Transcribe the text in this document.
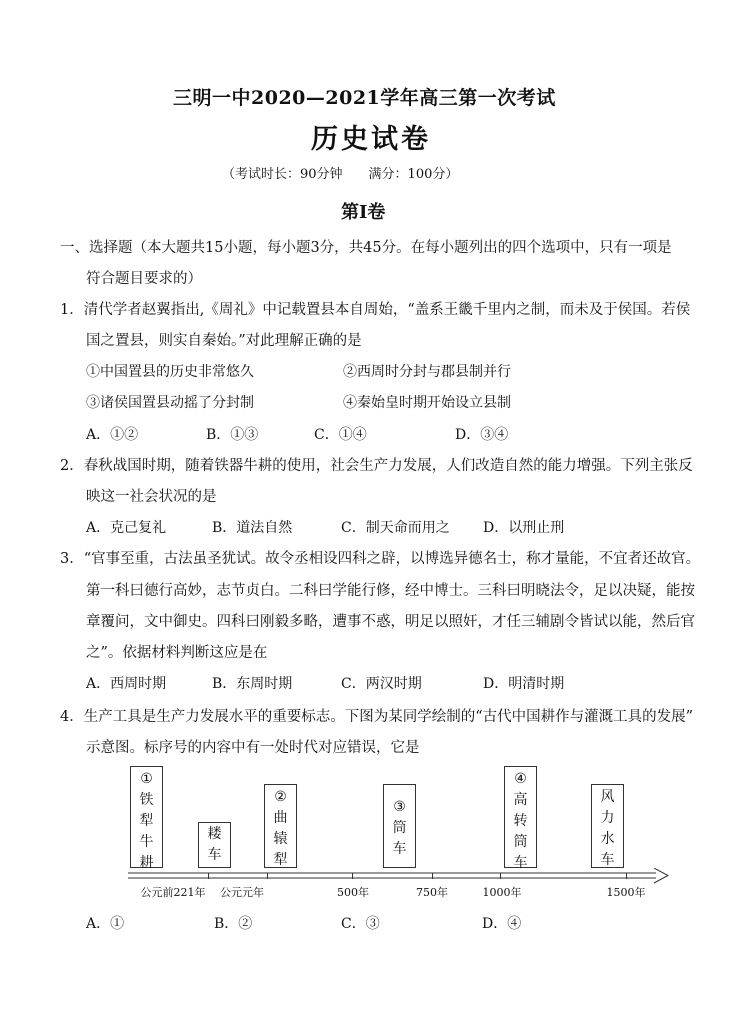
三明一中2020—2021学年高三第一次考试
历史试卷
（考试时长：90分钟　　满分：100分）
第Ⅰ卷
一、选择题（本大题共15小题，每小题3分，共45分。在每小题列出的四个选项中，只有一项是
符合题目要求的）
1．清代学者赵翼指出,《周礼》中记载置县本自周始，“盖系王畿千里内之制，而未及于侯国。若侯
国之置县，则实自秦始。”对此理解正确的是
①中国置县的历史非常悠久	②西周时分封与郡县制并行
③诸侯国置县动摇了分封制	④秦始皇时期开始设立县制
A．①②	B．①③	C．①④	D．③④
2．春秋战国时期，随着铁器牛耕的使用，社会生产力发展，人们改造自然的能力增强。下列主张反
映这一社会状况的是
A．克己复礼	B．道法自然	C．制天命而用之 D．以刑止刑
3．“官事至重，古法虽圣犹试。故令丞相设四科之辟，以博选异德名士，称才量能，不宜者还故官。
第一科曰德行高妙，志节贞白。二科曰学能行修，经中博士。三科曰明晓法令，足以决疑，能按
章覆问，文中御史。四科曰刚毅多略，遭事不惑，明足以照奸，才任三辅剧令皆试以能，然后官
之”。依据材料判断这应是在
A．西周时期	B．东周时期	C．两汉时期	D．明清时期
4．生产工具是生产力发展水平的重要标志。下图为某同学绘制的“古代中国耕作与灌溉工具的发展”
示意图。标序号的内容中有一处时代对应错误，它是
①
铁
犁
牛
耕
耧
车
②
曲
辕
犁
③
筒
车
④
高
转
筒
车
风
力
水
车
公元前221年 公元元年	500年	750年	1000年	1500年
A．①	B．②	C．③	D．④
